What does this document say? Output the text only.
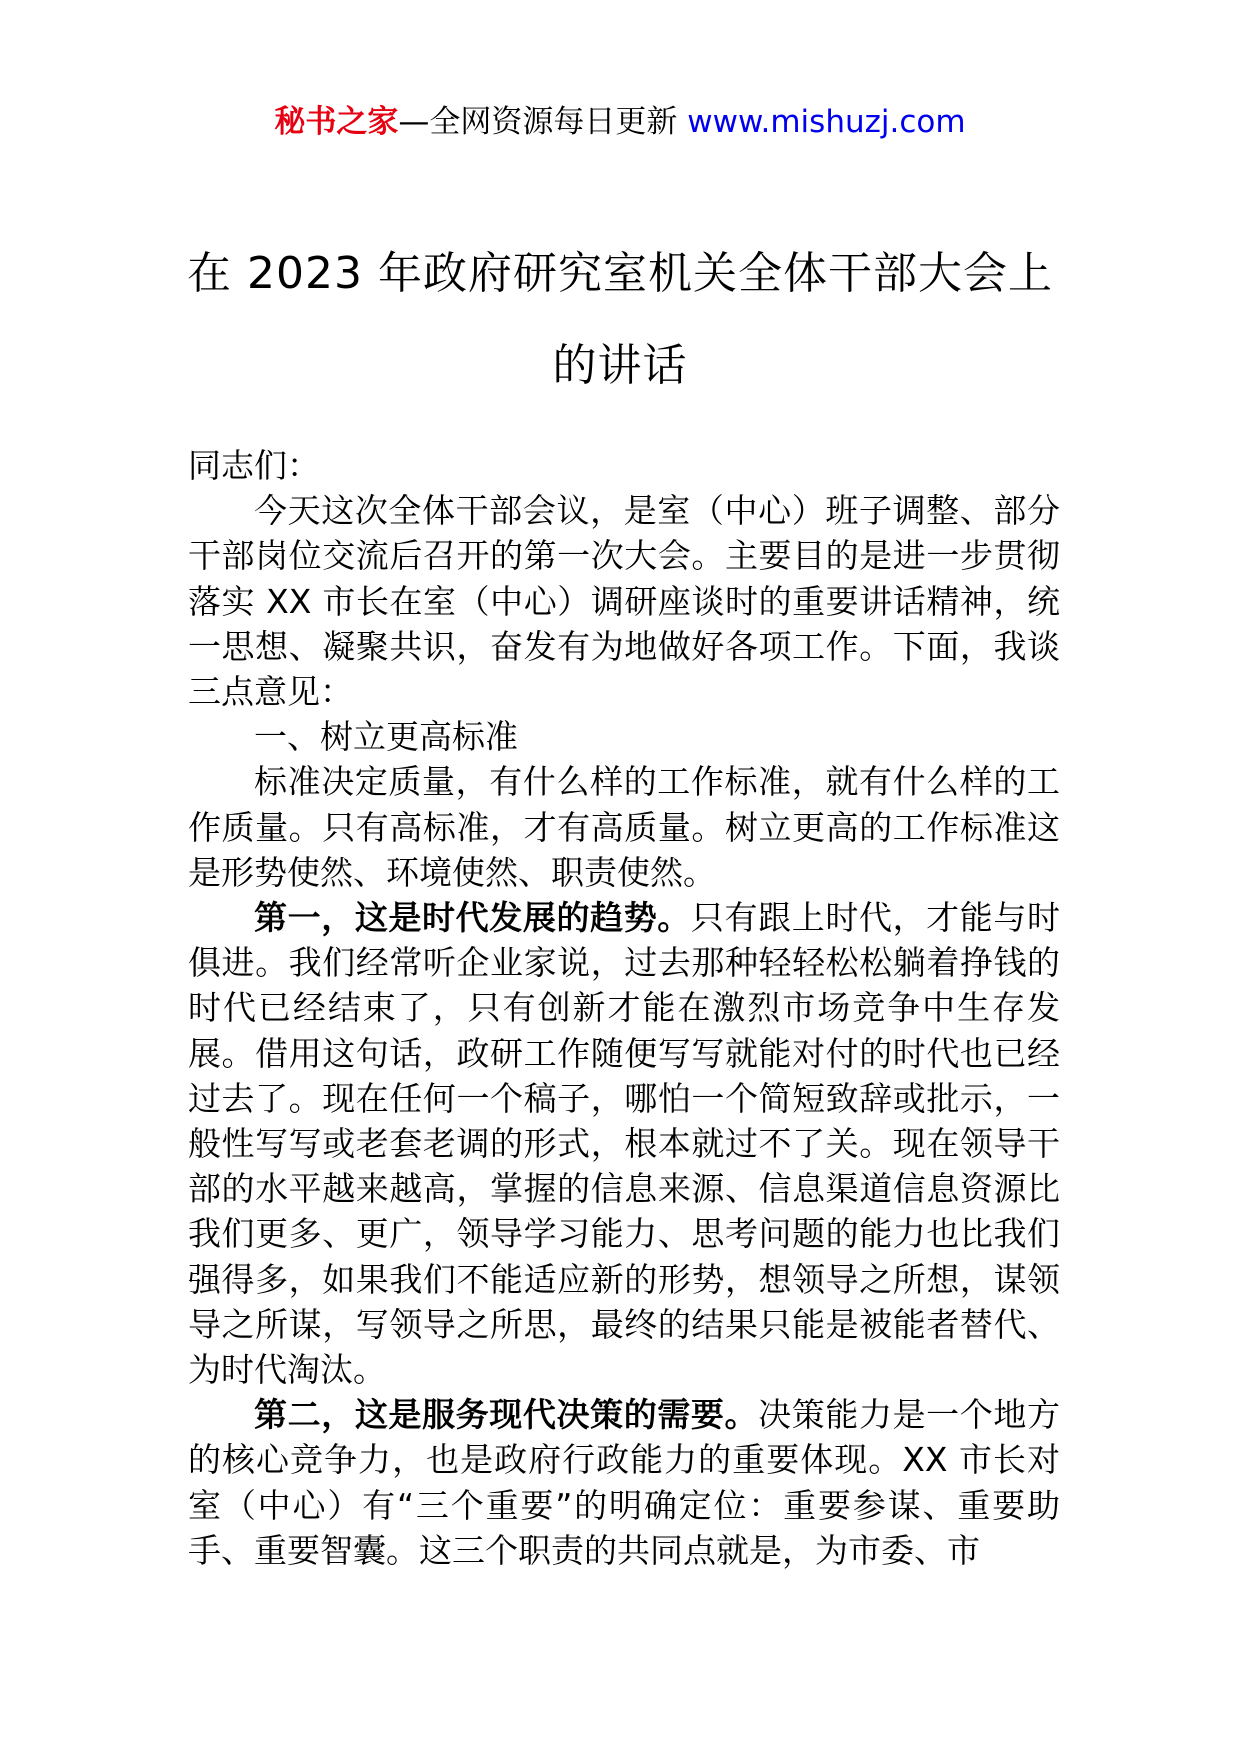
秘书之家—全网资源每日更新 www.mishuzj.com
在 2023 年政府研究室机关全体干部大会上
的讲话

同志们：

今天这次全体干部会议，是室（中心）班子调整、部分干部岗位交流后召开的第一次大会。主要目的是进一步贯彻落实 XX 市长在室（中心）调研座谈时的重要讲话精神，统一思想、凝聚共识，奋发有为地做好各项工作。下面，我谈三点意见：

一、树立更高标准

标准决定质量，有什么样的工作标准，就有什么样的工作质量。只有高标准，才有高质量。树立更高的工作标准这是形势使然、环境使然、职责使然。

第一，这是时代发展的趋势。只有跟上时代，才能与时俱进。我们经常听企业家说，过去那种轻轻松松躺着挣钱的时代已经结束了，只有创新才能在激烈市场竞争中生存发展。借用这句话，政研工作随便写写就能对付的时代也已经过去了。现在任何一个稿子，哪怕一个简短致辞或批示，一般性写写或老套老调的形式，根本就过不了关。现在领导干部的水平越来越高，掌握的信息来源、信息渠道信息资源比我们更多、更广，领导学习能力、思考问题的能力也比我们强得多，如果我们不能适应新的形势，想领导之所想，谋领导之所谋，写领导之所思，最终的结果只能是被能者替代、为时代淘汰。

第二，这是服务现代决策的需要。决策能力是一个地方的核心竞争力，也是政府行政能力的重要体现。XX 市长对室（中心）有“三个重要”的明确定位：重要参谋、重要助手、重要智囊。这三个职责的共同点就是，为市委、市
